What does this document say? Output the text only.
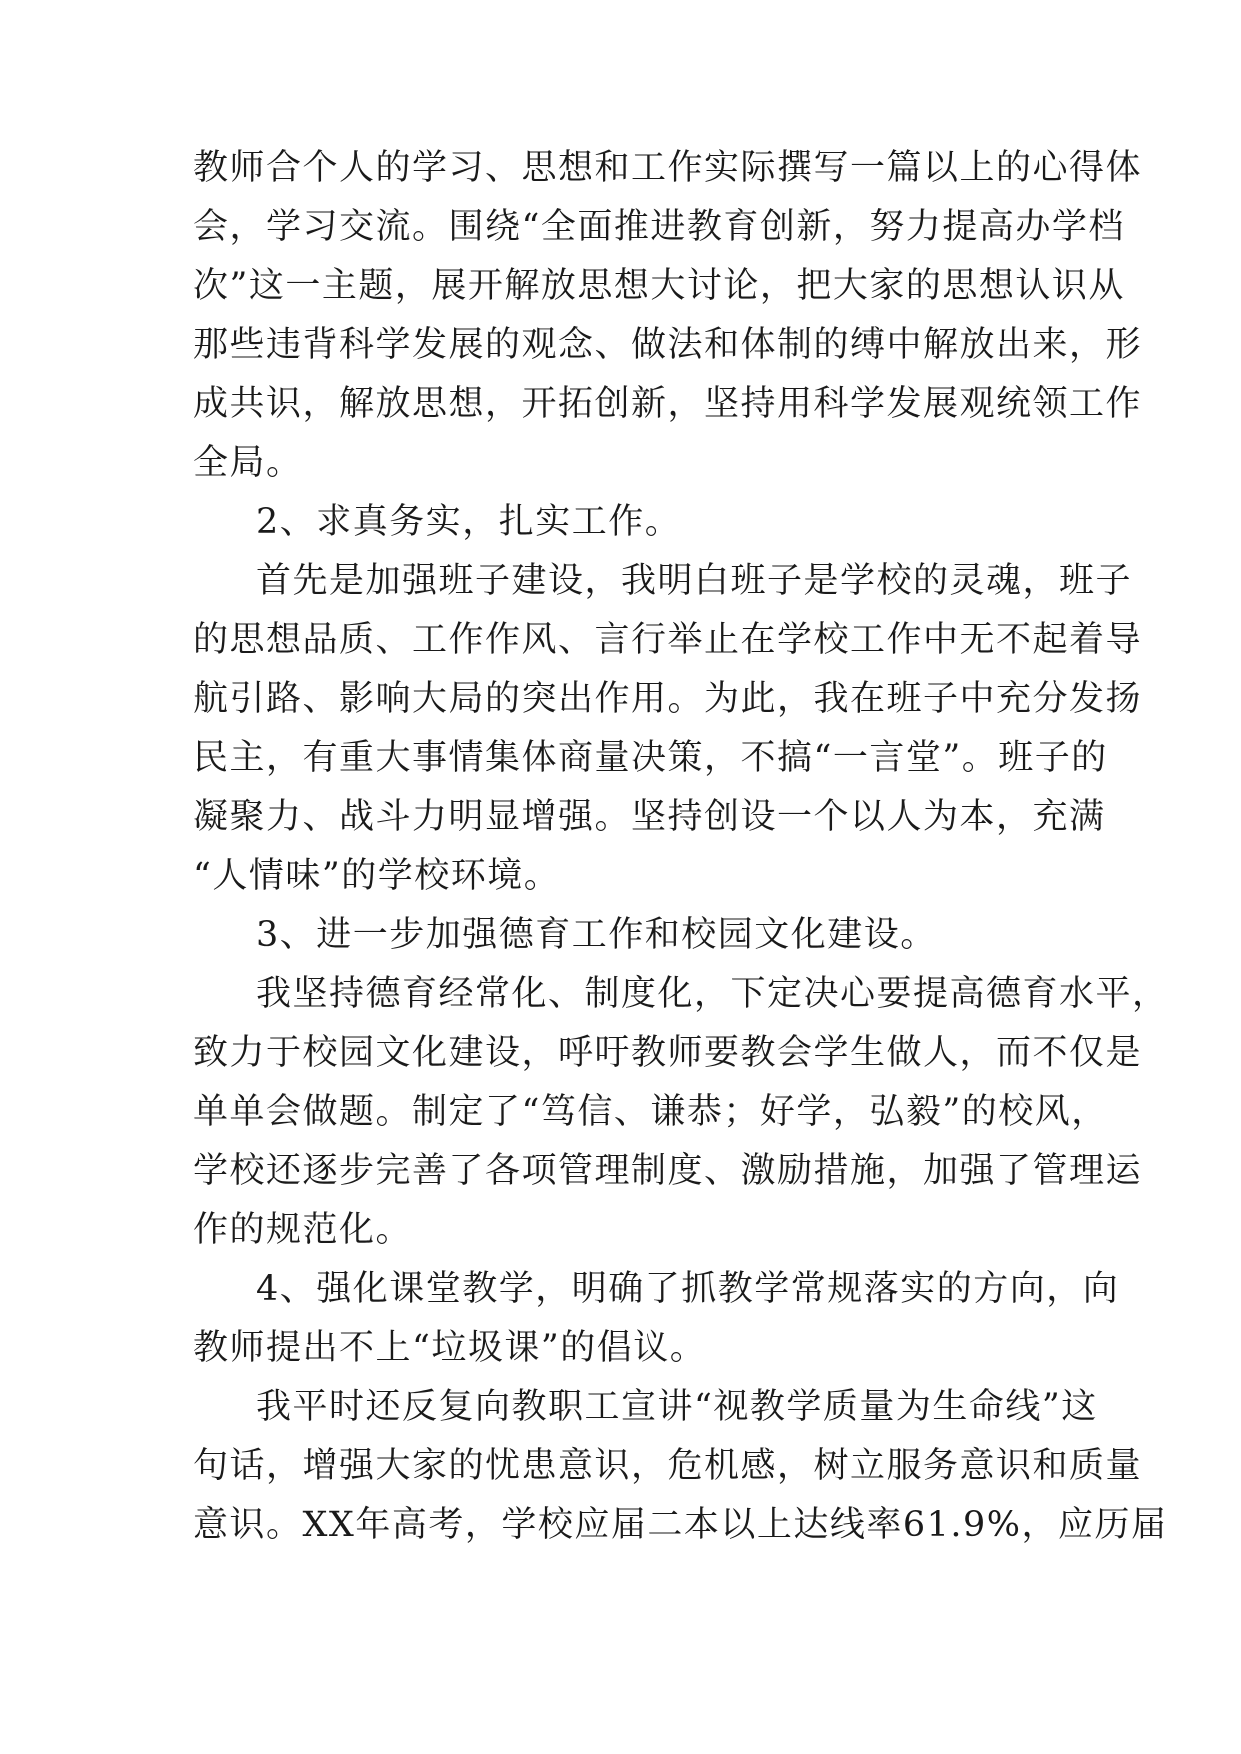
教师合个人的学习、思想和工作实际撰写一篇以上的心得体
会，学习交流。围绕“全面推进教育创新，努力提高办学档
次”这一主题，展开解放思想大讨论，把大家的思想认识从
那些违背科学发展的观念、做法和体制的缚中解放出来，形
成共识，解放思想，开拓创新，坚持用科学发展观统领工作
全局。
2、求真务实，扎实工作。
首先是加强班子建设，我明白班子是学校的灵魂，班子
的思想品质、工作作风、言行举止在学校工作中无不起着导
航引路、影响大局的突出作用。为此，我在班子中充分发扬
民主，有重大事情集体商量决策，不搞“一言堂”。班子的
凝聚力、战斗力明显增强。坚持创设一个以人为本，充满
“人情味”的学校环境。
3、进一步加强德育工作和校园文化建设。
我坚持德育经常化、制度化，下定决心要提高德育水平，
致力于校园文化建设，呼吁教师要教会学生做人，而不仅是
单单会做题。制定了“笃信、谦恭；好学，弘毅”的校风，
学校还逐步完善了各项管理制度、激励措施，加强了管理运
作的规范化。
4、强化课堂教学，明确了抓教学常规落实的方向，向
教师提出不上“垃圾课”的倡议。
我平时还反复向教职工宣讲“视教学质量为生命线”这
句话，增强大家的忧患意识，危机感，树立服务意识和质量
意识。XX年高考，学校应届二本以上达线率61.9%，应历届
